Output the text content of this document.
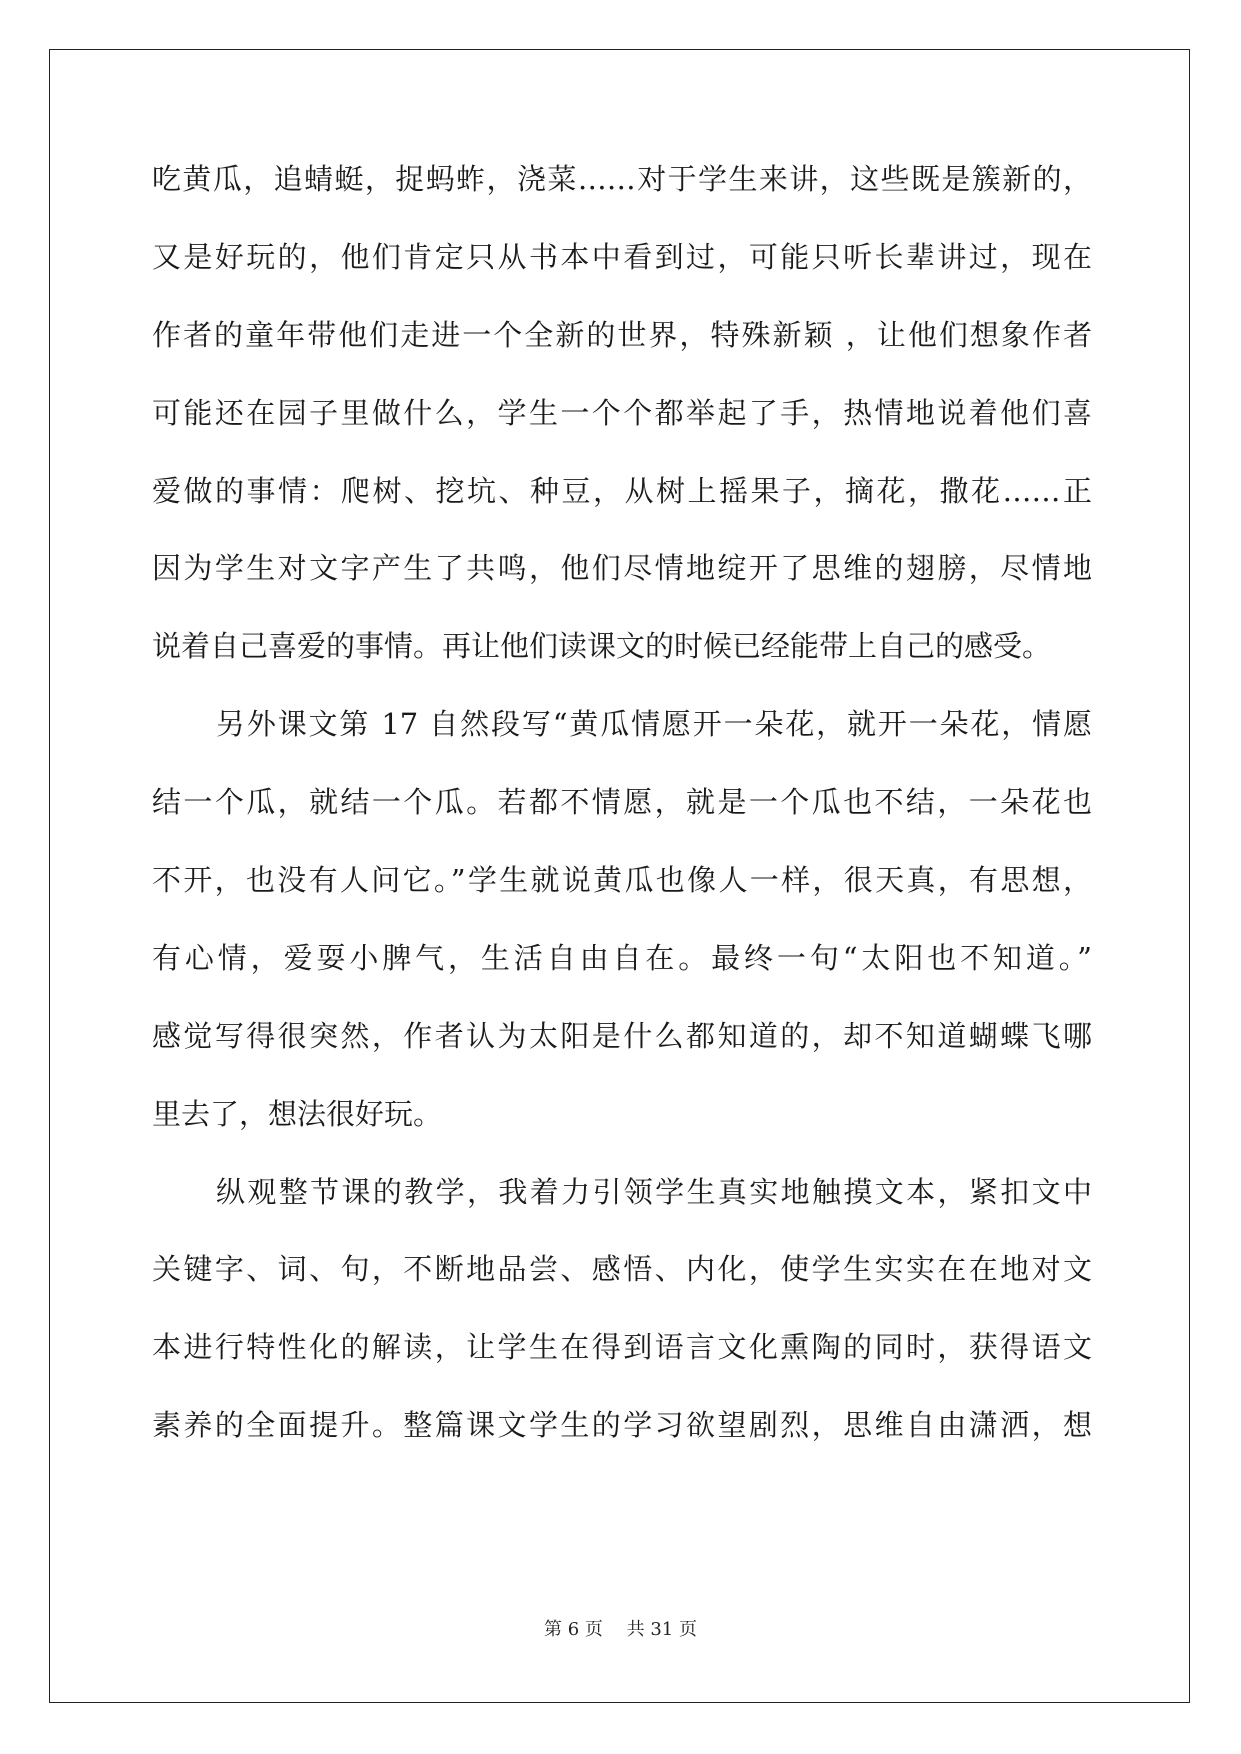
吃黄瓜，追蜻蜓，捉蚂蚱，浇菜……对于学生来讲，这些既是簇新的，
又是好玩的，他们肯定只从书本中看到过，可能只听长辈讲过，现在
作者的童年带他们走进一个全新的世界，特殊新颖 ，让他们想象作者
可能还在园子里做什么，学生一个个都举起了手，热情地说着他们喜
爱做的事情：爬树、挖坑、种豆，从树上摇果子，摘花，撒花……正
因为学生对文字产生了共鸣，他们尽情地绽开了思维的翅膀，尽情地
说着自己喜爱的事情。再让他们读课文的时候已经能带上自己的感受。
另外课文第 17 自然段写“黄瓜情愿开一朵花，就开一朵花，情愿
结一个瓜，就结一个瓜。若都不情愿，就是一个瓜也不结，一朵花也
不开，也没有人问它。”学生就说黄瓜也像人一样，很天真，有思想，
有心情，爱耍小脾气，生活自由自在。最终一句“太阳也不知道。”
感觉写得很突然，作者认为太阳是什么都知道的，却不知道蝴蝶飞哪
里去了，想法很好玩。
纵观整节课的教学，我着力引领学生真实地触摸文本，紧扣文中
关键字、词、句，不断地品尝、感悟、内化，使学生实实在在地对文
本进行特性化的解读，让学生在得到语言文化熏陶的同时，获得语文
素养的全面提升。整篇课文学生的学习欲望剧烈，思维自由潇洒，想
第 6 页　 共 31 页
